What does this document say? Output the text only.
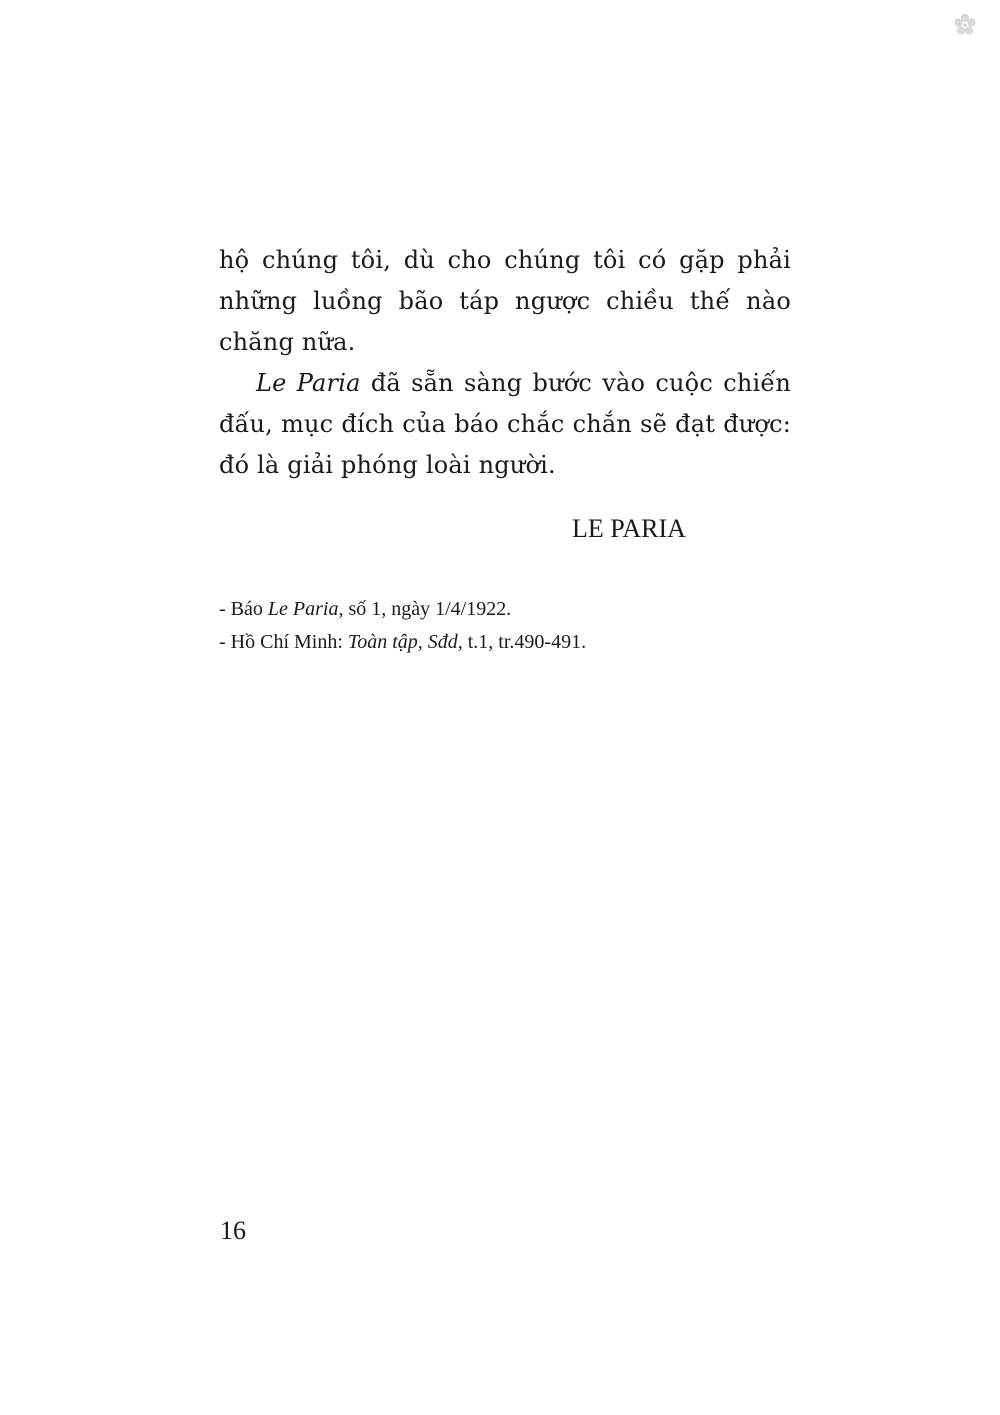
hộ chúng tôi, dù cho chúng tôi có gặp phải
những luồng bão táp ngược chiều thế nào
chăng nữa.
Le Paria đã sẵn sàng bước vào cuộc chiến
đấu, mục đích của báo chắc chắn sẽ đạt được:
đó là giải phóng loài người.
LE PARIA
- Báo Le Paria, số 1, ngày 1/4/1922.
- Hồ Chí Minh: Toàn tập, Sđd, t.1, tr.490-491.
16
